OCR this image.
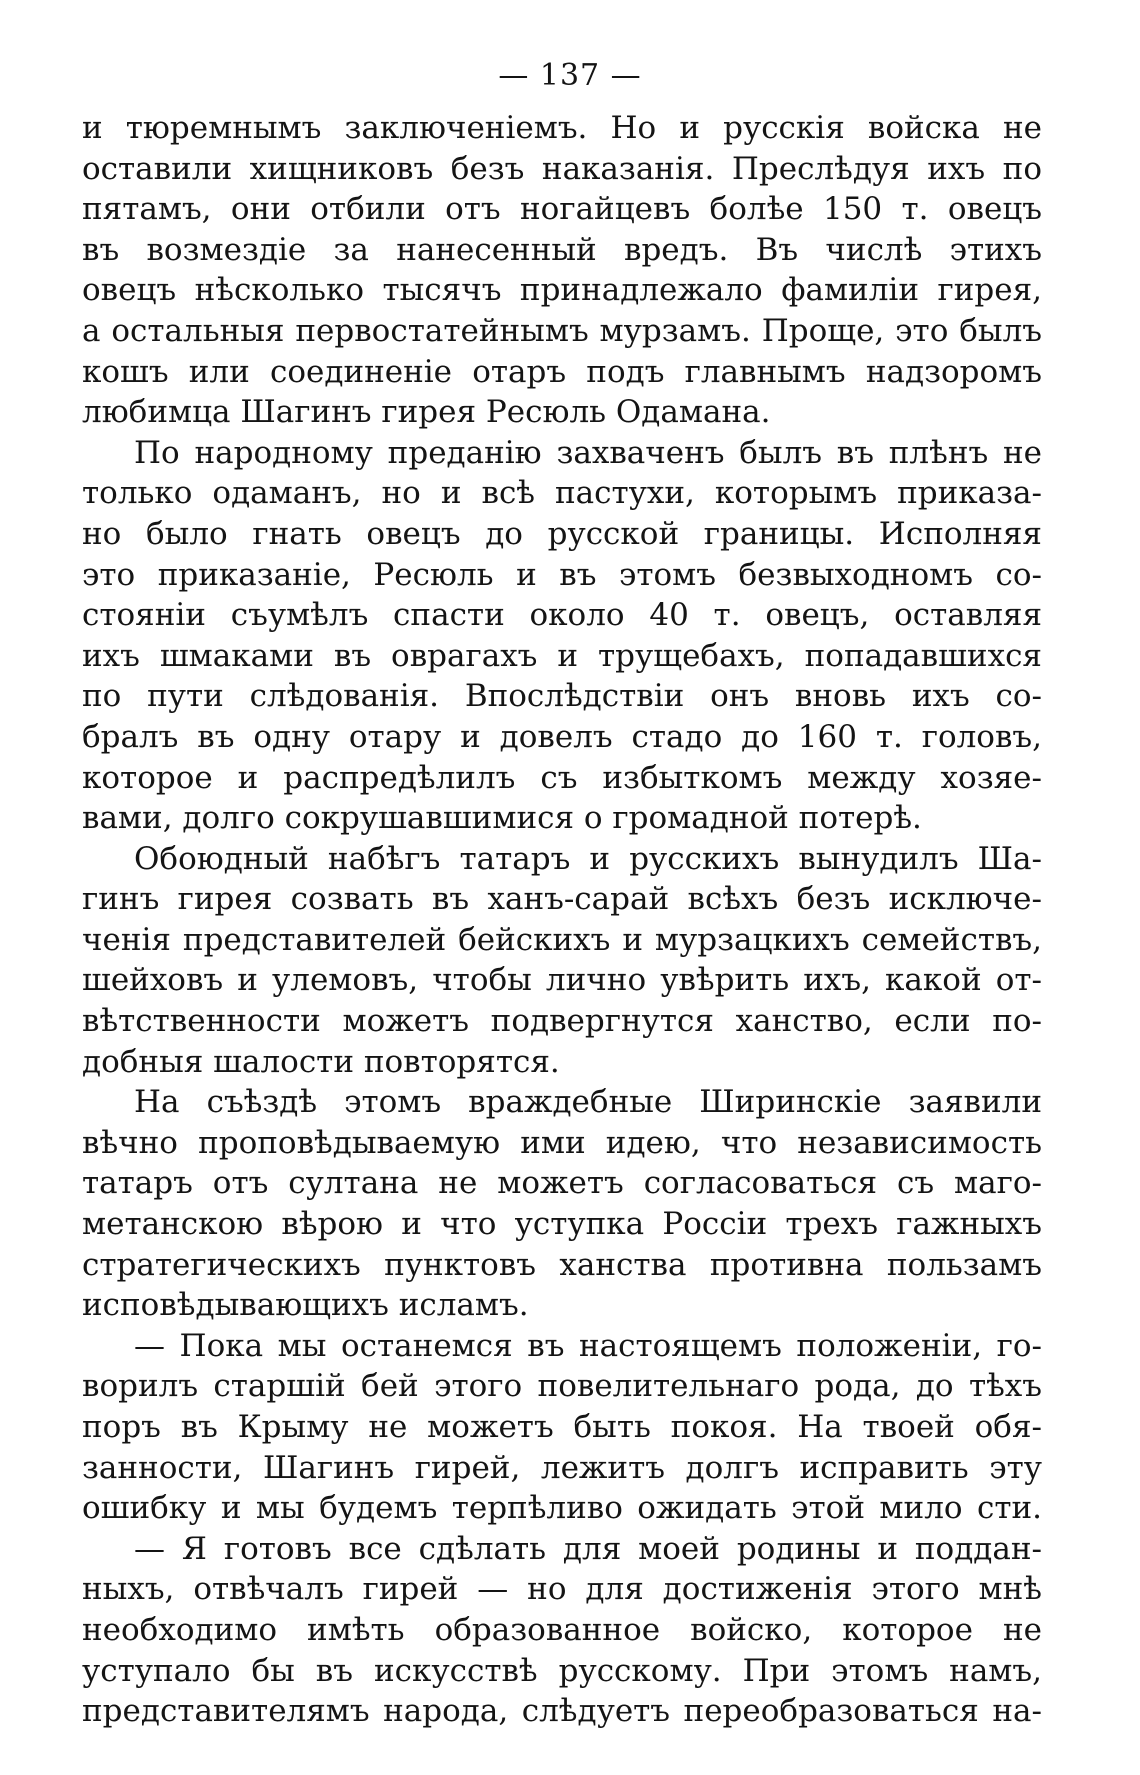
— 137 —
и тюремнымъ заключеніемъ. Но и русскія войска не
оставили хищниковъ безъ наказанія. Преслѣдуя ихъ по
пятамъ, они отбили отъ ногайцевъ болѣе 150 т. овецъ
въ возмездіе за нанесенный вредъ. Въ числѣ этихъ
овецъ нѣсколько тысячъ принадлежало фамиліи гирея,
а остальныя первостатейнымъ мурзамъ. Проще, это былъ
кошъ или соединеніе отаръ подъ главнымъ надзоромъ
любимца Шагинъ гирея Ресюль Одамана.
По народному преданію захваченъ былъ въ плѣнъ не
только одаманъ, но и всѣ пастухи, которымъ приказа-
но было гнать овецъ до русской границы. Исполняя
это приказаніе, Ресюль и въ этомъ безвыходномъ со-
стояніи съумѣлъ спасти около 40 т. овецъ, оставляя
ихъ шмаками въ оврагахъ и трущебахъ, попадавшихся
по пути слѣдованія. Впослѣдствіи онъ вновь ихъ со-
бралъ въ одну отару и довелъ стадо до 160 т. головъ,
которое и распредѣлилъ съ избыткомъ между хозяе-
вами, долго сокрушавшимися о громадной потерѣ.
Обоюдный набѣгъ татаръ и русскихъ вынудилъ Ша-
гинъ гирея созвать въ ханъ-сарай всѣхъ безъ исключе-
ченія представителей бейскихъ и мурзацкихъ семействъ,
шейховъ и улемовъ, чтобы лично увѣрить ихъ, какой от-
вѣтственности можетъ подвергнутся ханство, если по-
добныя шалости повторятся.
На съѣздѣ этомъ враждебные Ширинскіе заявили
вѣчно проповѣдываемую ими идею, что независимость
татаръ отъ султана не можетъ согласоваться съ маго-
метанскою вѣрою и что уступка Россіи трехъ гажныхъ
стратегическихъ пунктовъ ханства противна пользамъ
исповѣдывающихъ исламъ.
— Пока мы останемся въ настоящемъ положеніи, го-
ворилъ старшій бей этого повелительнаго рода, до тѣхъ
поръ въ Крыму не можетъ быть покоя. На твоей обя-
занности, Шагинъ гирей, лежитъ долгъ исправить эту
ошибку и мы будемъ терпѣливо ожидать этой мило сти.
— Я готовъ все сдѣлать для моей родины и поддан-
ныхъ, отвѣчалъ гирей — но для достиженія этого мнѣ
необходимо имѣть образованное войско, которое не
уступало бы въ искусствѣ русскому. При этомъ намъ,
представителямъ народа, слѣдуетъ переобразоваться на-
